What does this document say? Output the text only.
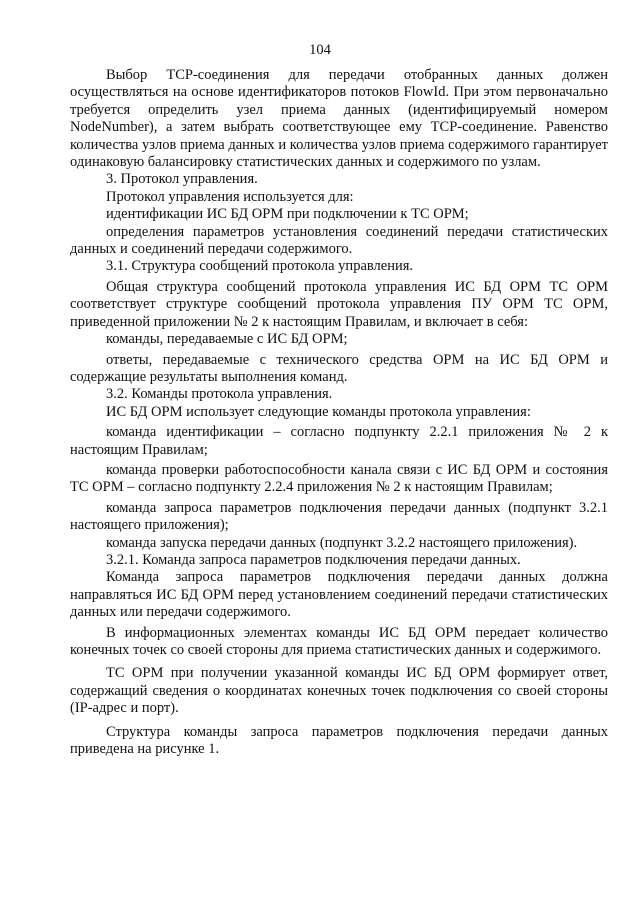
104

Выбор TCP-соединения для передачи отобранных данных должен осуществляться на основе идентификаторов потоков FlowId. При этом первоначально требуется определить узел приема данных (идентифицируемый номером NodeNumber), а затем выбрать соответствующее ему TCP-соединение. Равенство количества узлов приема данных и количества узлов приема содержимого гарантирует одинаковую балансировку статистических данных и содержимого по узлам.

3. Протокол управления.

Протокол управления используется для:

идентификации ИС БД ОРМ при подключении к ТС ОРМ;

определения параметров установления соединений передачи статистических данных и соединений передачи содержимого.

3.1. Структура сообщений протокола управления.

Общая структура сообщений протокола управления ИС БД ОРМ ТС ОРМ соответствует структуре сообщений протокола управления ПУ ОРМ ТС ОРМ, приведенной приложении № 2 к настоящим Правилам, и включает в себя:

команды, передаваемые с ИС БД ОРМ;

ответы, передаваемые с технического средства ОРМ на ИС БД ОРМ и содержащие результаты выполнения команд.

3.2. Команды протокола управления.

ИС БД ОРМ использует следующие команды протокола управления:

команда идентификации – согласно подпункту 2.2.1 приложения № 2 к настоящим Правилам;

команда проверки работоспособности канала связи с ИС БД ОРМ и состояния ТС ОРМ – согласно подпункту 2.2.4 приложения № 2 к настоящим Правилам;

команда запроса параметров подключения передачи данных (подпункт 3.2.1 настоящего приложения);

команда запуска передачи данных (подпункт 3.2.2 настоящего приложения).

3.2.1. Команда запроса параметров подключения передачи данных.

Команда запроса параметров подключения передачи данных должна направляться ИС БД ОРМ перед установлением соединений передачи статистических данных или передачи содержимого.

В информационных элементах команды ИС БД ОРМ передает количество конечных точек со своей стороны для приема статистических данных и содержимого.

ТС ОРМ при получении указанной команды ИС БД ОРМ формирует ответ, содержащий сведения о координатах конечных точек подключения со своей стороны (IP-адрес и порт).

Структура команды запроса параметров подключения передачи данных приведена на рисунке 1.
